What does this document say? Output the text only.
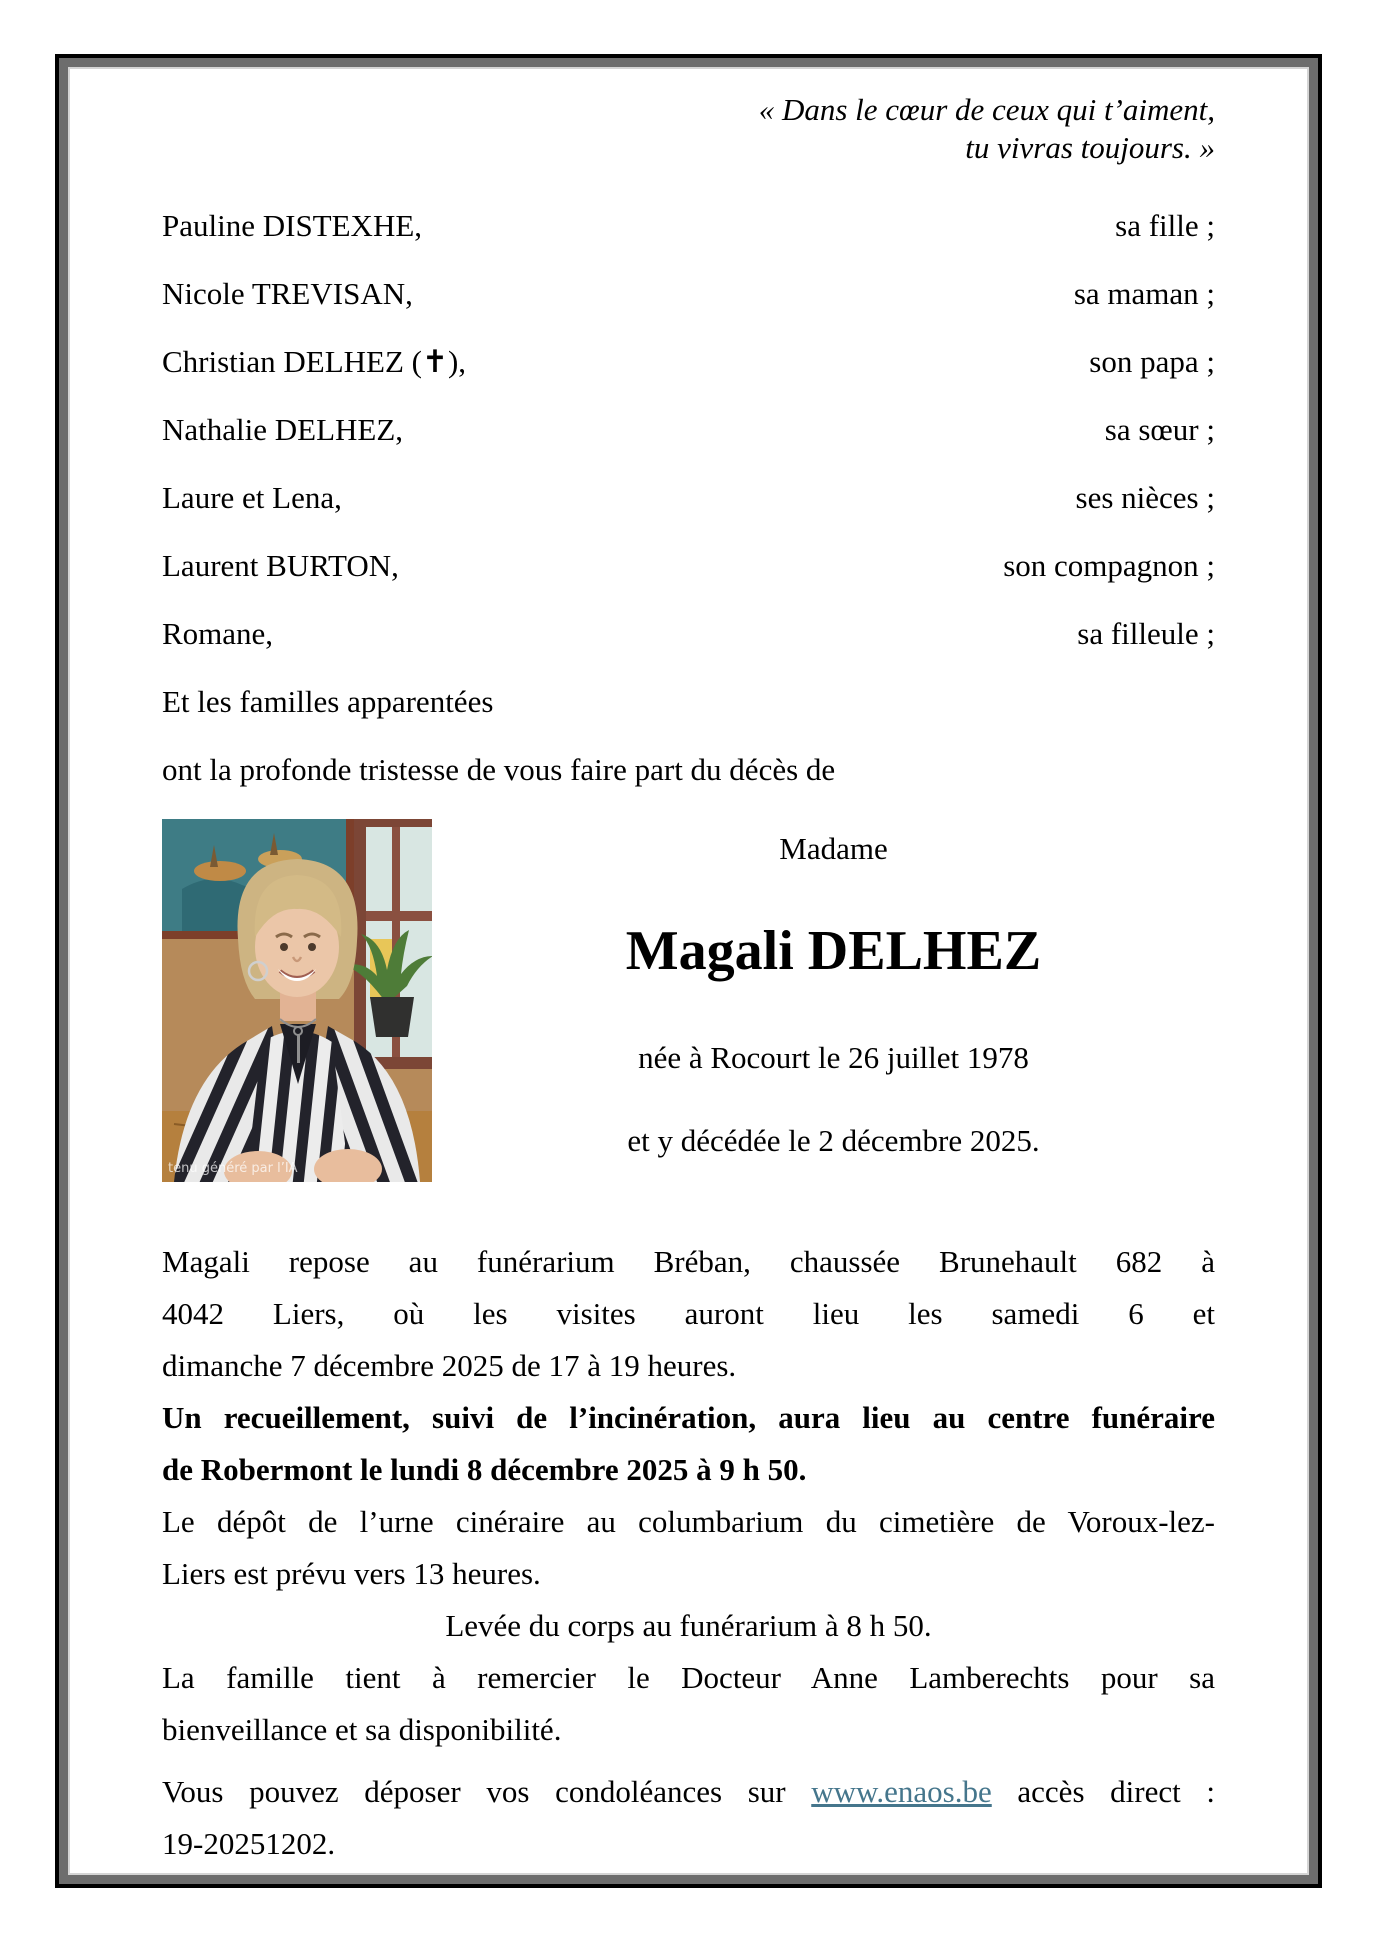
« Dans le cœur de ceux qui t’aiment,
tu vivras toujours. »
Pauline DISTEXHE,	sa fille ;
Nicole TREVISAN,	sa maman ;
Christian DELHEZ (✝),	son papa ;
Nathalie DELHEZ,	sa sœur ;
Laure et Lena,	ses nièces ;
Laurent BURTON,	son compagnon ;
Romane,	sa filleule ;
Et les familles apparentées
ont la profonde tristesse de vous faire part du décès de
tenu généré par l’IA
Madame
Magali DELHEZ
née à Rocourt le 26 juillet 1978
et y décédée le 2 décembre 2025.

Magali repose au funérarium Bréban, chaussée Brunehault 682 à
4042 Liers, où les visites auront lieu les samedi 6 et
dimanche 7 décembre 2025 de 17 à 19 heures.

Un recueillement, suivi de l’incinération, aura lieu au centre funéraire
de Robermont le lundi 8 décembre 2025 à 9 h 50.

Le dépôt de l’urne cinéraire au columbarium du cimetière de Voroux-lez-
Liers est prévu vers 13 heures.

Levée du corps au funérarium à 8 h 50.

La famille tient à remercier le Docteur Anne Lamberechts pour sa
bienveillance et sa disponibilité.

Vous pouvez déposer vos condoléances sur www.enaos.be accès direct :
19-20251202.
